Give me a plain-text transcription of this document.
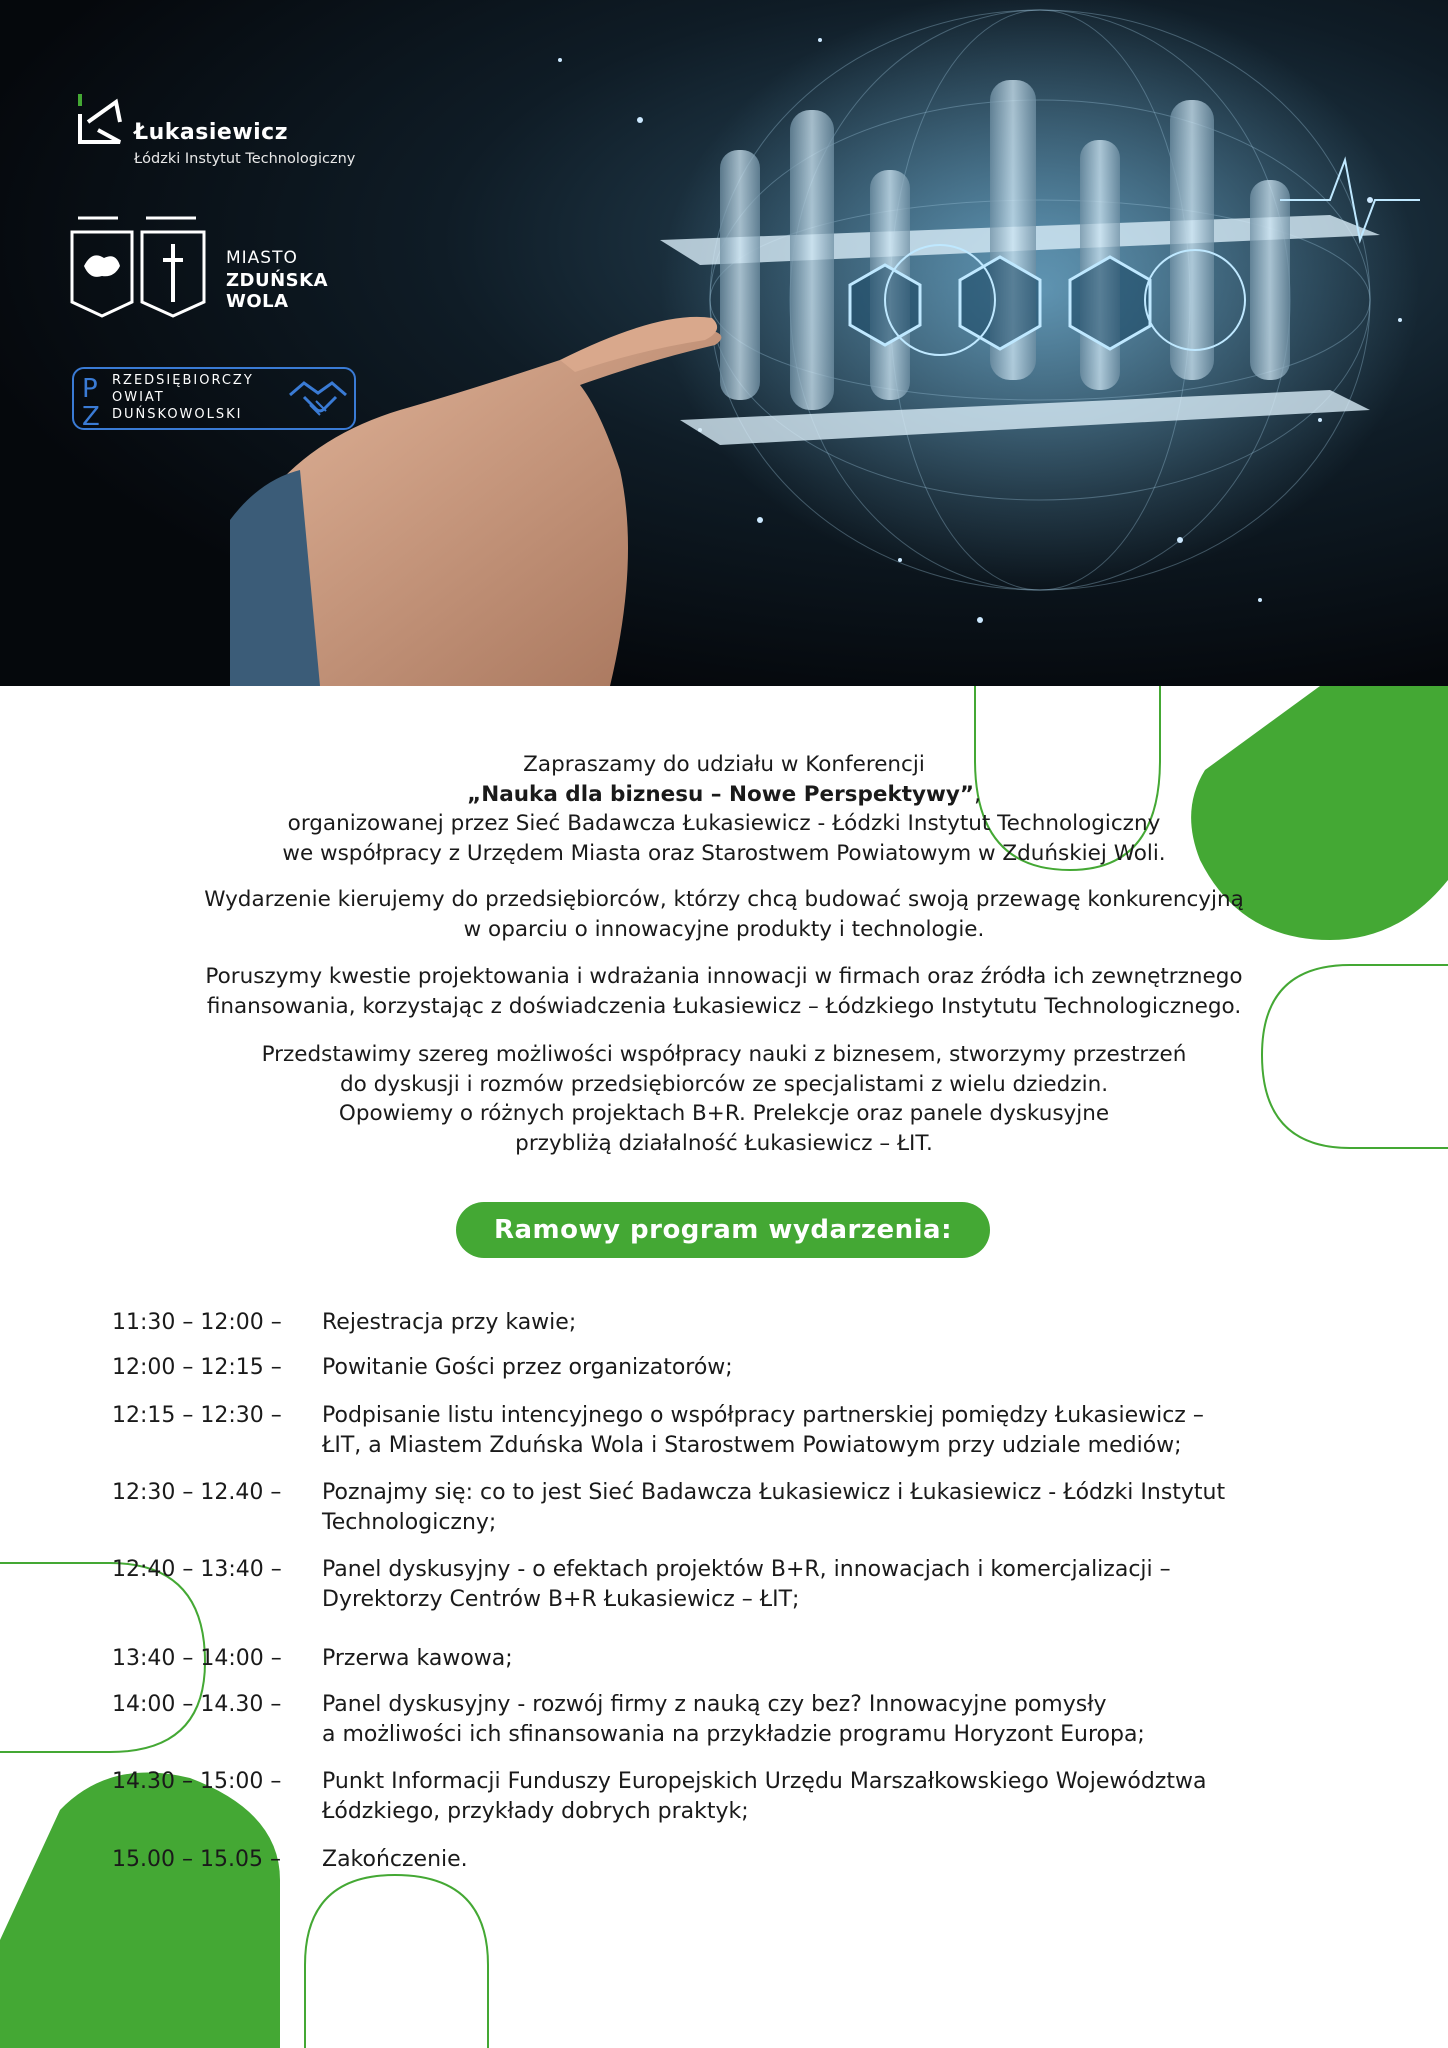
Łukasiewicz
Łódzki Instytut Technologiczny
MIASTO
ZDUŃSKA WOLA
P
Z
RZEDSIĘBIORCZY
OWIAT
DUŃSKOWOLSKI

Zapraszamy do udziału w Konferencji
„Nauka dla biznesu – Nowe Perspektywy”,
organizowanej przez Sieć Badawcza Łukasiewicz - Łódzki Instytut Technologiczny
we współpracy z Urzędem Miasta oraz Starostwem Powiatowym w Zduńskiej Woli.

Wydarzenie kierujemy do przedsiębiorców, którzy chcą budować swoją przewagę konkurencyjną
w oparciu o innowacyjne produkty i technologie.

Poruszymy kwestie projektowania i wdrażania innowacji w firmach oraz źródła ich zewnętrznego
finansowania, korzystając z doświadczenia Łukasiewicz – Łódzkiego Instytutu Technologicznego.

Przedstawimy szereg możliwości współpracy nauki z biznesem, stworzymy przestrzeń
do dyskusji i rozmów przedsiębiorców ze specjalistami z wielu dziedzin.
Opowiemy o różnych projektach B+R. Prelekcje oraz panele dyskusyjne
przybliżą działalność Łukasiewicz – ŁIT.

Ramowy program wydarzenia:
11:30 – 12:00 – Rejestracja przy kawie;
12:00 – 12:15 – Powitanie Gości przez organizatorów;
12:15 – 12:30 – Podpisanie listu intencyjnego o współpracy partnerskiej pomiędzy Łukasiewicz –
ŁIT, a Miastem Zduńska Wola i Starostwem Powiatowym przy udziale mediów;
12:30 – 12.40 – Poznajmy się: co to jest Sieć Badawcza Łukasiewicz i Łukasiewicz - Łódzki Instytut
Technologiczny;
12:40 – 13:40 – Panel dyskusyjny - o efektach projektów B+R, innowacjach i komercjalizacji –
Dyrektorzy Centrów B+R Łukasiewicz – ŁIT;
13:40 – 14:00 – Przerwa kawowa;
14:00 – 14.30 – Panel dyskusyjny - rozwój firmy z nauką czy bez? Innowacyjne pomysły
a możliwości ich sfinansowania na przykładzie programu Horyzont Europa;
14.30 – 15:00 – Punkt Informacji Funduszy Europejskich Urzędu Marszałkowskiego Województwa
Łódzkiego, przykłady dobrych praktyk;
15.00 – 15.05 – Zakończenie.
